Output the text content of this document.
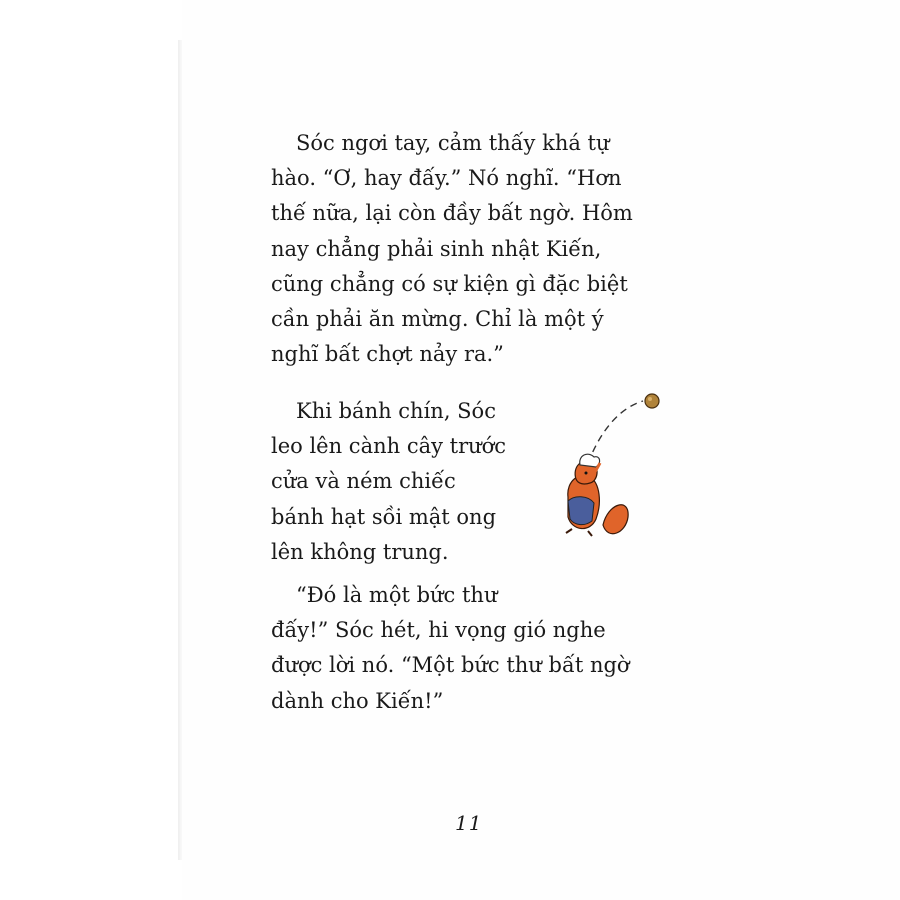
Sóc ngơi tay, cảm thấy khá tự
hào. “Ơ, hay đấy.” Nó nghĩ. “Hơn
thế nữa, lại còn đầy bất ngờ. Hôm
nay chẳng phải sinh nhật Kiến,
cũng chẳng có sự kiện gì đặc biệt
cần phải ăn mừng. Chỉ là một ý
nghĩ bất chợt nảy ra.”
Khi bánh chín, Sóc
leo lên cành cây trước
cửa và ném chiếc
bánh hạt sồi mật ong
lên không trung.
“Đó là một bức thư
đấy!” Sóc hét, hi vọng gió nghe
được lời nó. “Một bức thư bất ngờ
dành cho Kiến!”
11
